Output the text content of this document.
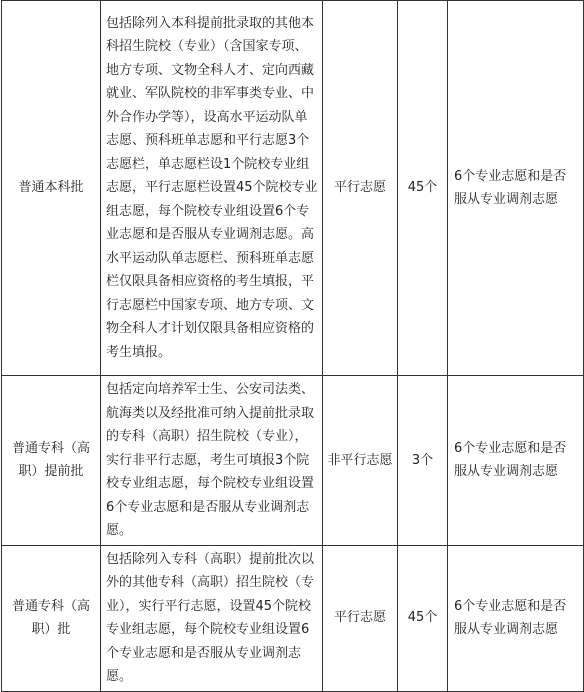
普通本科批	包括除列入本科提前批录取的其他本科招生院校（专业）（含国家专项、地方专项、文物全科人才、定向西藏就业、军队院校的非军事类专业、中外合作办学等），设高水平运动队单志愿、预科班单志愿和平行志愿3个志愿栏，单志愿栏设1个院校专业组志愿，平行志愿栏设置45个院校专业组志愿，每个院校专业组设置6个专业志愿和是否服从专业调剂志愿。高水平运动队单志愿栏、预科班单志愿栏仅限具备相应资格的考生填报，平行志愿栏中国家专项、地方专项、文物全科人才计划仅限具备相应资格的考生填报。	平行志愿	45个	6个专业志愿和是否服从专业调剂志愿
普通专科（高职）提前批	包括定向培养军士生、公安司法类、航海类以及经批准可纳入提前批录取的专科（高职）招生院校（专业），实行非平行志愿，考生可填报3个院校专业组志愿，每个院校专业组设置6个专业志愿和是否服从专业调剂志愿。	非平行志愿	3个	6个专业志愿和是否服从专业调剂志愿
普通专科（高职）批	包括除列入专科（高职）提前批次以外的其他专科（高职）招生院校（专业），实行平行志愿，设置45个院校专业组志愿，每个院校专业组设置6个专业志愿和是否服从专业调剂志愿。	平行志愿	45个	6个专业志愿和是否服从专业调剂志愿
